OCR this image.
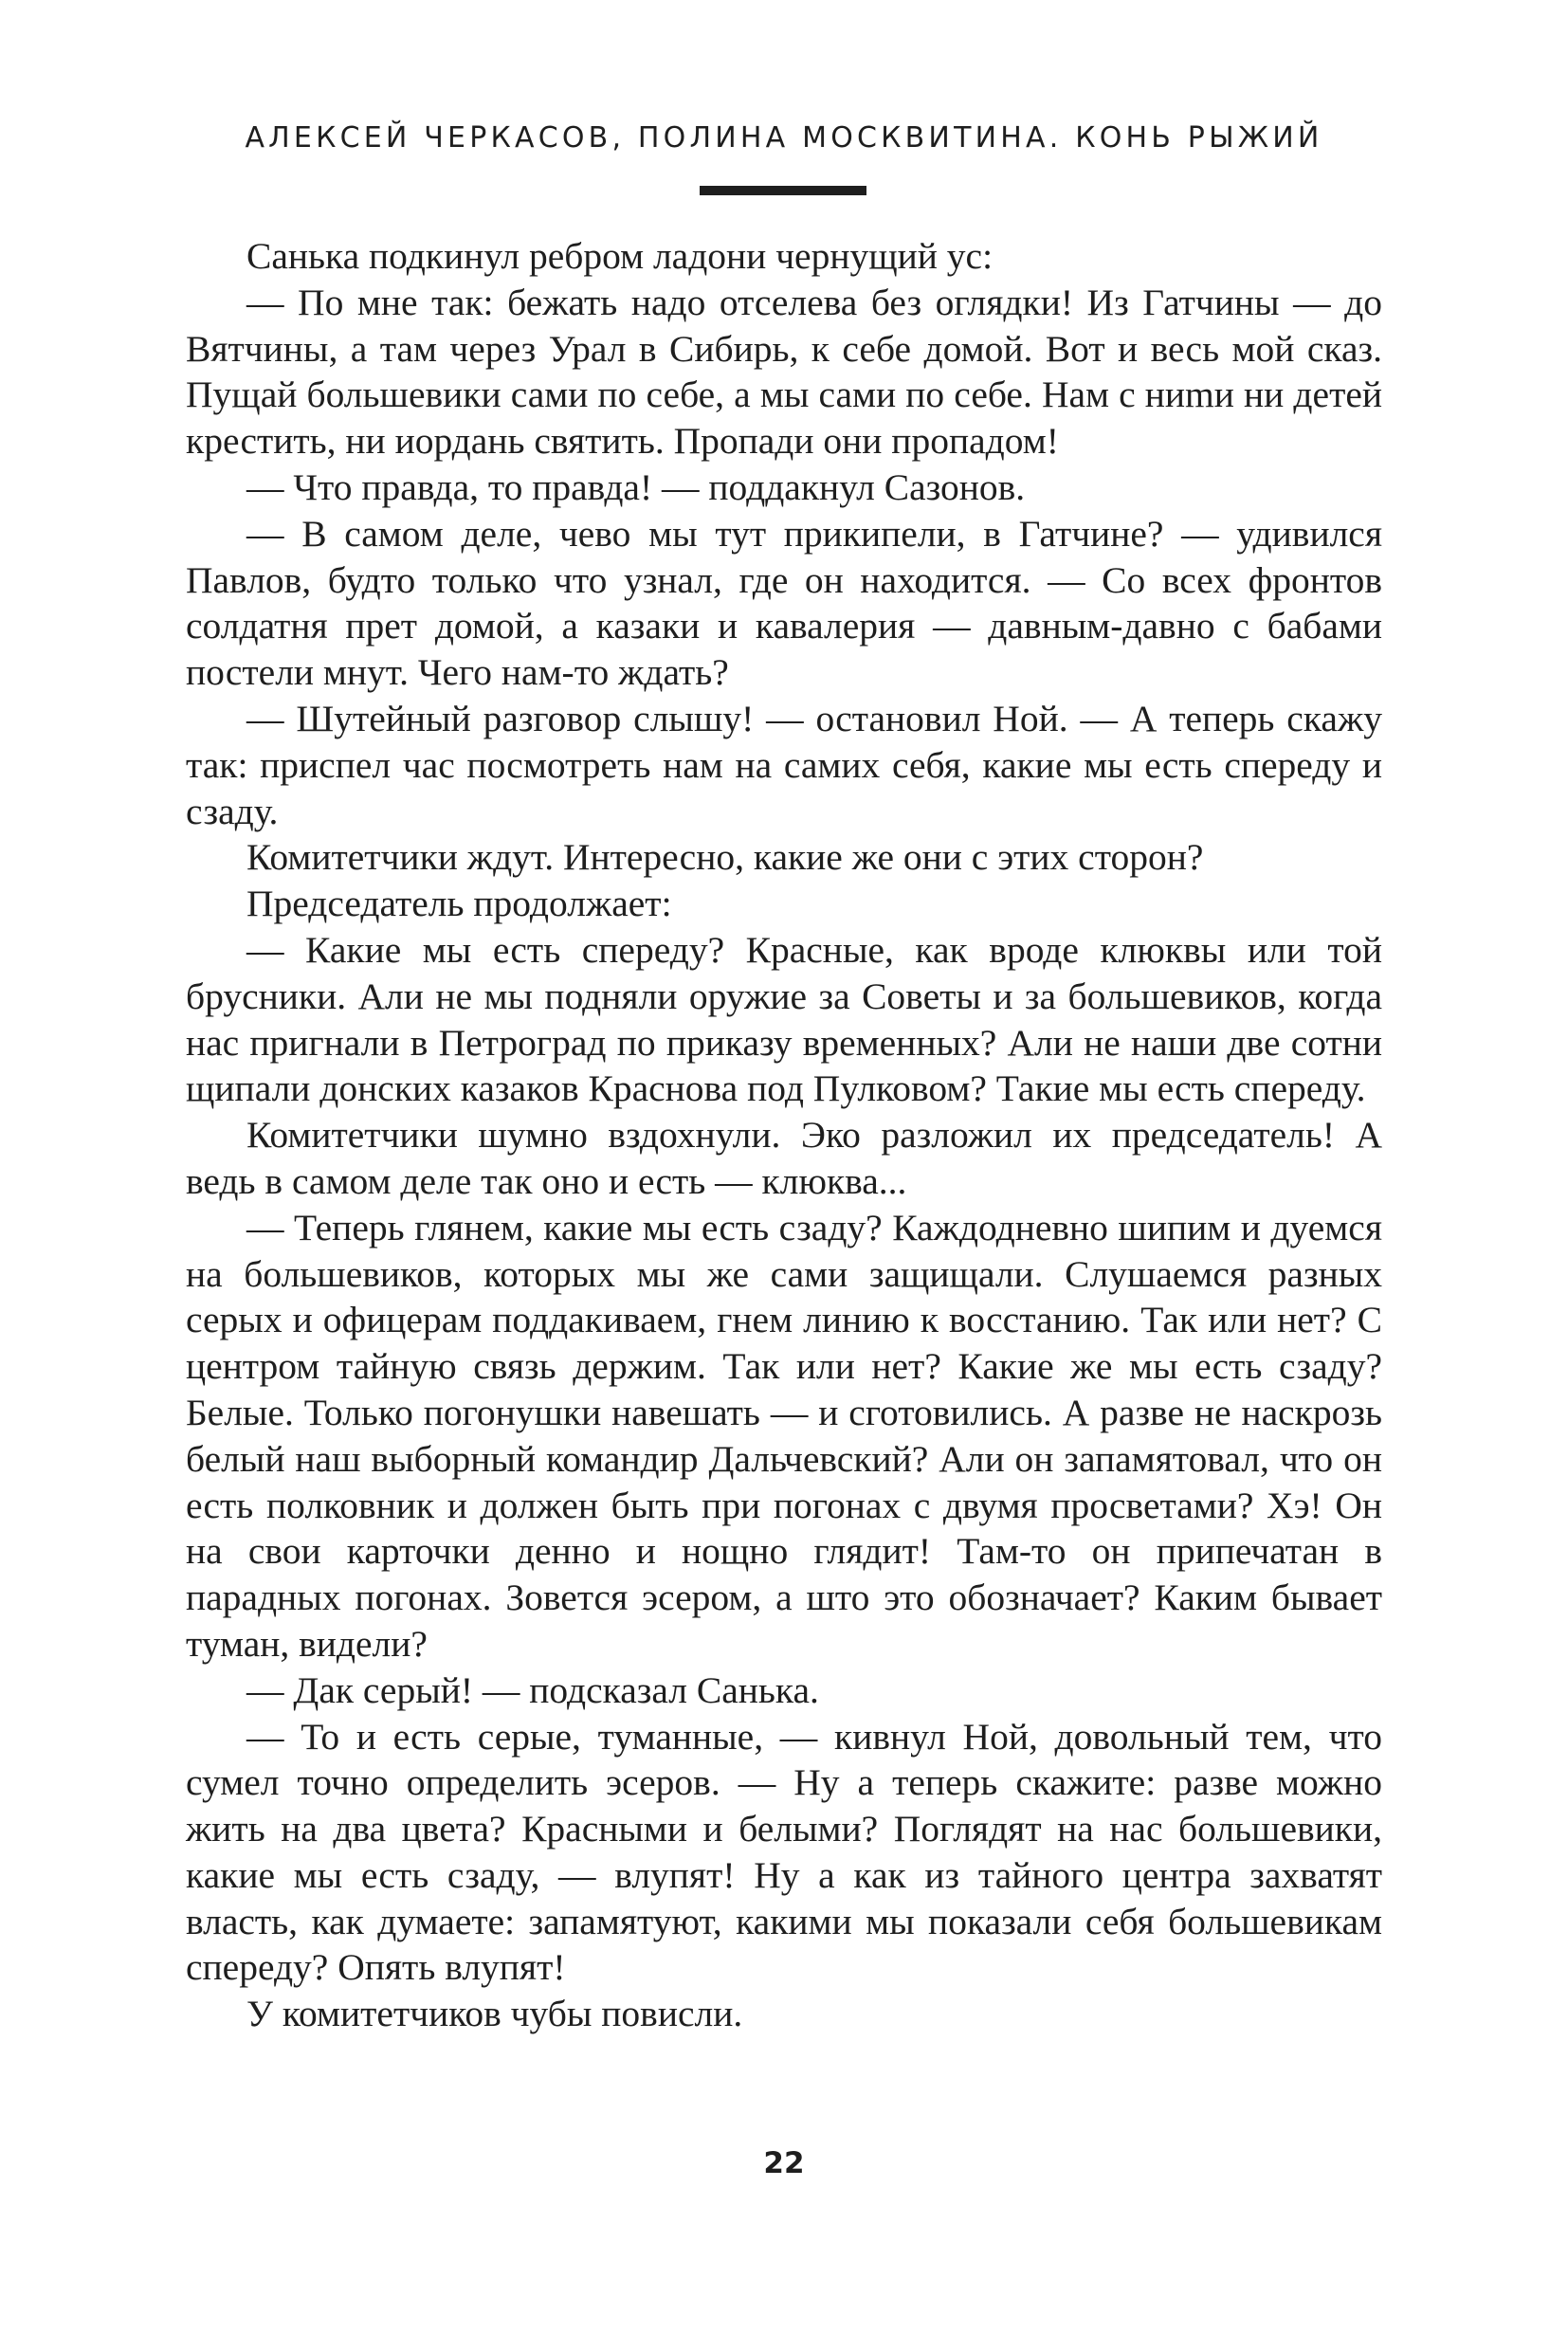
АЛЕКСЕЙ ЧЕРКАСОВ, ПОЛИНА МОСКВИТИНА. КОНЬ РЫЖИЙ

Санька подкинул ребром ладони чернущий ус:

— По мне так: бежать надо отселева без оглядки! Из Гатчины — до Вятчины, а там через Урал в Сибирь, к себе домой. Вот и весь мой сказ. Пущай большевики сами по себе, а мы сами по себе. Нам с ниmи ни детей крестить, ни иордань святить. Пропади они пропадом!

— Что правда, то правда! — поддакнул Сазонов.

— В самом деле, чево мы тут прикипели, в Гатчине? — удивился Павлов, будто только что узнал, где он находится. — Со всех фронтов солдатня прет домой, а казаки и кавалерия — давным-давно с бабами постели мнут. Чего нам-то ждать?

— Шутейный разговор слышу! — остановил Ной. — А теперь скажу так: приспел час посмотреть нам на самих себя, какие мы есть спереду и сзаду.

Комитетчики ждут. Интересно, какие же они с этих сторон?

Председатель продолжает:

— Какие мы есть спереду? Красные, как вроде клюквы или той брусники. Али не мы подняли оружие за Советы и за большевиков, когда нас пригнали в Петроград по приказу временных? Али не наши две сотни щипали донских казаков Краснова под Пулковом? Такие мы есть спереду.

Комитетчики шумно вздохнули. Эко разложил их председатель! А ведь в самом деле так оно и есть — клюква...

— Теперь глянем, какие мы есть сзаду? Каждодневно шипим и дуемся на большевиков, которых мы же сами защищали. Слушаемся разных серых и офицерам поддакиваем, гнем линию к восстанию. Так или нет? С центром тайную связь держим. Так или нет? Какие же мы есть сзаду? Белые. Только погонушки навешать — и сготовились. А разве не наскрозь белый наш выборный командир Дальчевский? Али он запамятовал, что он есть полковник и должен быть при погонах с двумя просветами? Хэ! Он на свои карточки денно и нощно глядит! Там-то он припечатан в парадных погонах. Зовется эсером, а што это обозначает? Каким бывает туман, видели?

— Дак серый! — подсказал Санька.

— То и есть серые, туманные, — кивнул Ной, довольный тем, что сумел точно определить эсеров. — Ну а теперь скажите: разве можно жить на два цвета? Красными и белыми? Поглядят на нас большевики, какие мы есть сзаду, — влупят! Ну а как из тайного центра захватят власть, как думаете: запамятуют, какими мы показали себя большевикам спереду? Опять влупят!

У комитетчиков чубы повисли.

22
